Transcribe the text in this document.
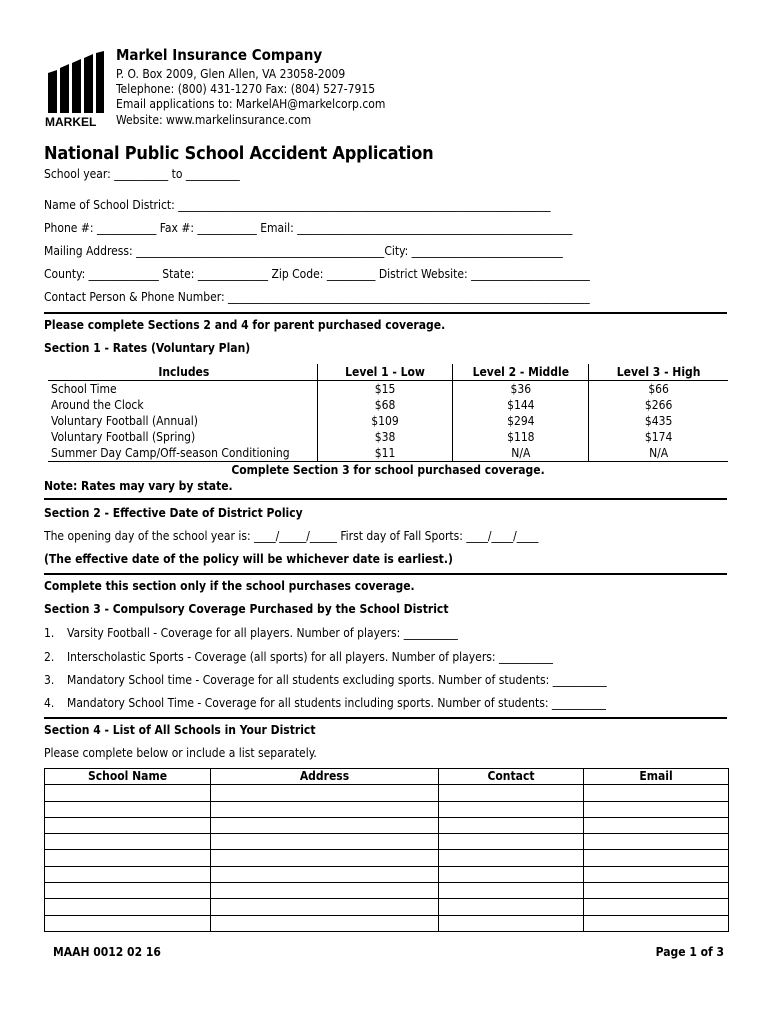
MARKEL
Markel Insurance Company
P. O. Box 2009, Glen Allen, VA 23058-2009
Telephone: (800) 431-1270 Fax: (804) 527-7915
Email applications to: MarkelAH@markelcorp.com
Website: www.markelinsurance.com
National Public School Accident Application
School year: __________ to __________
Name of School District: _____________________________________________________________________
Phone #: ___________ Fax #: ___________ Email: ___________________________________________________
Mailing Address: ______________________________________________City: ____________________________
County: _____________ State: _____________ Zip Code: _________ District Website: ______________________
Contact Person & Phone Number: ___________________________________________________________________
Please complete Sections 2 and 4 for parent purchased coverage.
Section 1 - Rates (Voluntary Plan)
Includes	Level 1 - Low	Level 2 - Middle	Level 3 - High
School Time	$15	$36	$66
Around the Clock	$68	$144	$266
Voluntary Football (Annual)	$109	$294	$435
Voluntary Football (Spring)	$38	$118	$174
Summer Day Camp/Off-season Conditioning	$11	N/A	N/A
Complete Section 3 for school purchased coverage.			
Note: Rates may vary by state.
Section 2 - Effective Date of District Policy
The opening day of the school year is: ____/_____/_____ First day of Fall Sports: ____/____/____
(The effective date of the policy will be whichever date is earliest.)
Complete this section only if the school purchases coverage.
Section 3 - Compulsory Coverage Purchased by the School District
1. Varsity Football - Coverage for all players. Number of players: __________
2. Interscholastic Sports - Coverage (all sports) for all players. Number of players: __________
3. Mandatory School time - Coverage for all students excluding sports. Number of students: __________
4. Mandatory School Time - Coverage for all students including sports. Number of students: __________
Section 4 - List of All Schools in Your District
Please complete below or include a list separately.
School Name	Address	Contact	Email

MAAH 0012 02 16	Page 1 of 3
